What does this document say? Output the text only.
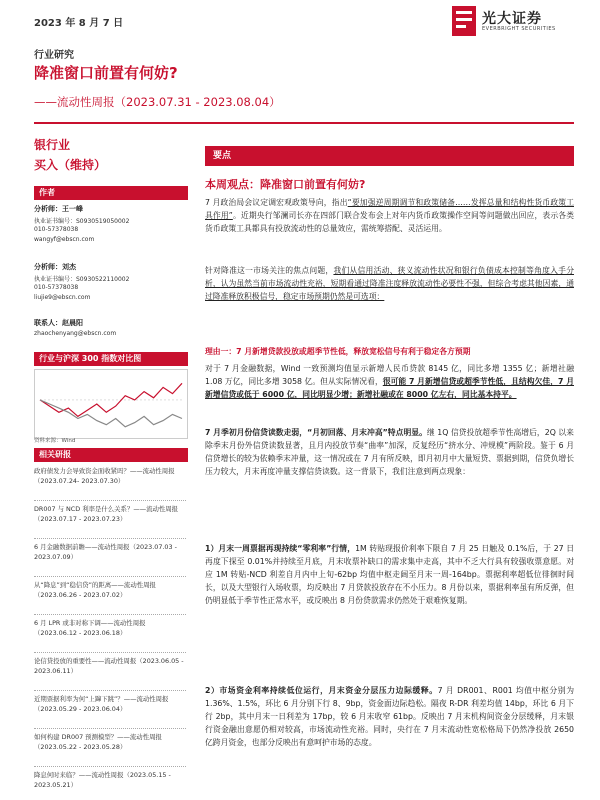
2023 年 8 月 7 日	光大证券
EVERBRIGHT SECURITIES
行业研究
降准窗口前置有何妨?
——流动性周报（2023.07.31 - 2023.08.04）
银行业
买入（维持）
作者
分析师：王一峰
执业证书编号：S0930519050002
010-57378038
wangyf@ebscn.com
分析师：刘杰
执业证书编号：S0930522110002
010-57378038
liujie9@ebscn.com
联系人：赵晨阳
zhaochenyang@ebscn.com
行业与沪深 300 指数对比图
资料来源：Wind
相关研报
政府债发力会导致资金面收紧吗？——流动性周报（2023.07.24- 2023.07.30）
DR007 与 NCD 利率是什么关系？——流动性周报（2023.07.17 - 2023.07.23）
6 月金融数据前瞻——流动性周报（2023.07.03 - 2023.07.09）
从“降息”到“稳信贷”的距离——流动性周报（2023.06.26 - 2023.07.02）
6 月 LPR 或非对称下调——流动性周报（2023.06.12 - 2023.06.18）
论信贷投放的重要性——流动性周报（2023.06.05 - 2023.06.11）
近期票据利率为何“上蹿下跳”？——流动性周报（2023.05.29 - 2023.06.04）
如何构建 DR007 预测模型？——流动性周报（2023.05.22 - 2023.05.28）
降息何时来临？——流动性周报（2023.05.15 - 2023.05.21）
要点
本周观点：降准窗口前置有何妨?
7 月政治局会议定调宏观政策导向，指出“要加强逆周期调节和政策储备……发挥总量和结构性货币政策工具作用”。近期央行邹澜司长亦在四部门联合发布会上对年内货币政策操作空间等问题做出回应，表示各类货币政策工具都具有投放流动性的总量效应，需统筹搭配、灵活运用。
针对降准这一市场关注的焦点问题，我们从信用活动、狭义流动性状况和银行负债成本控制等角度入手分析，认为虽然当前市场流动性充裕，短期看通过降准注度释放流动性必要性不强，但综合考虑其他因素，通过降准释放积极信号，稳定市场预期仍然是可选项：
理由一：7 月新增贷款投放或超季节性低，释放宽松信号有利于稳定各方预期
对于 7 月金融数据，Wind 一致预测均值显示新增人民币贷款 8145 亿，同比多增 1355 亿；新增社融 1.08 万亿，同比多增 3058 亿。但从实际情况看，很可能 7 月新增信贷或超季节性低，且结构欠佳，7 月新增信贷或低于 6000 亿，同比明显少增；新增社融或在 8000 亿左右，同比基本持平。
7 月季初月份信贷读数走弱，“月初回落、月末冲高”特点明显。继 1Q 信贷投放超季节性高增后，2Q 以来除季末月份外信贷读数显著，且月内投放节奏“曲率”加深，反复经历“挤水分、冲规模”两阶段。鉴于 6 月信贷增长的较为依赖季末冲量，这一情况或在 7 月有所反映，即月初月中大量短贷、票据到期，信贷负增长压力较大，月末再度冲量支撑信贷读数。这一背景下，我们注意到两点现象：
1）月末一周票据再现持续“零利率”行情，1M 转贴现报价利率下限自 7 月 25 日触及 0.1%后，于 27 日再度下探至 0.01%并持续至月底，月末收票补缺口的需求集中走高，其中不乏大行具有较强收票意愿。对应 1M 转贴-NCD 利差自月内中上旬-62bp 均值中枢走阔至月末一周-164bp。票据利率超低位徘徊时间长，以及大型银行入场收票，均反映出 7 月贷款投放存在不小压力。8 月份以来，票据利率虽有所反弹，但仍明显低于季节性正常水平，或反映出 8 月份贷款需求仍然处于艰难恢复期。
2）市场资金利率持续低位运行，月末资金分层压力边际缓释。7 月 DR001、R001 均值中枢分别为 1.36%、1.5%，环比 6 月分别下行 8、9bp，资金面边际趋松。隔夜 R-DR 利差均值 14bp，环比 6 月下行 2bp，其中月末一日利差为 17bp，较 6 月末收窄 61bp。反映出 7 月末机构间资金分层缓释，月末银行资金融出意愿仍相对较高，市场流动性充裕。同时，央行在 7 月末流动性宽松格局下仍然净投放 2650 亿跨月资金，也部分反映出有意呵护市场的态度。
